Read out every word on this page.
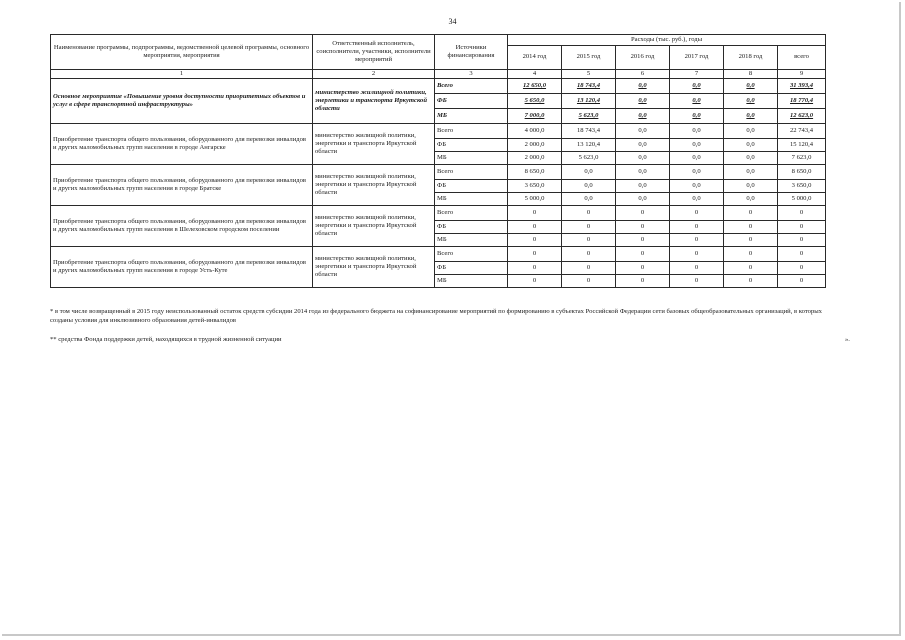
34
Наименование программы, подпрограммы, ведомственной целевой программы, основного мероприятия, мероприятия	Ответственный исполнитель, соисполнители, участники, исполнители мероприятий	Источники финансирования	Расходы (тыс. руб.), годы					
			2014 год	2015 год	2016 год	2017 год	2018 год	всего
1	2	3	4	5	6	7	8	9
Основное мероприятие «Повышение уровня доступности приоритетных объектов и услуг в сфере транспортной инфраструктуры»	министерство жилищной политики, энергетики и транспорта Иркутской области	Всего	12 650,0	18 743,4	0,0	0,0	0,0	31 393,4
		ФБ	5 650,0	13 120,4	0,0	0,0	0,0	18 770,4
		МБ	7 000,0	5 623,0	0,0	0,0	0,0	12 623,0
Приобретение транспорта общего пользования, оборудованного для перевозки инвалидов и других маломобильных групп населения в городе Ангарске	министерство жилищной политики, энергетики и транспорта Иркутской области	Всего	4 000,0	18 743,4	0,0	0,0	0,0	22 743,4
		ФБ	2 000,0	13 120,4	0,0	0,0	0,0	15 120,4
		МБ	2 000,0	5 623,0	0,0	0,0	0,0	7 623,0
Приобретение транспорта общего пользования, оборудованного для перевозки инвалидов и других маломобильных групп населения в городе Братске	министерство жилищной политики, энергетики и транспорта Иркутской области	Всего	8 650,0	0,0	0,0	0,0	0,0	8 650,0
		ФБ	3 650,0	0,0	0,0	0,0	0,0	3 650,0
		МБ	5 000,0	0,0	0,0	0,0	0,0	5 000,0
Приобретение транспорта общего пользования, оборудованного для перевозки инвалидов и других маломобильных групп населения в Шелеховском городском поселении	министерство жилищной политики, энергетики и транспорта Иркутской области	Всего	0	0	0	0	0	0
		ФБ	0	0	0	0	0	0
		МБ	0	0	0	0	0	0
Приобретение транспорта общего пользования, оборудованного для перевозки инвалидов и других маломобильных групп населения в городе Усть-Куте	министерство жилищной политики, энергетики и транспорта Иркутской области	Всего	0	0	0	0	0	0
		ФБ	0	0	0	0	0	0
		МБ	0	0	0	0	0	0
* в том числе возвращенный в 2015 году неиспользованный остаток средств субсидии 2014 года из федерального бюджета на софинансирование мероприятий по формированию в субъектах Российской Федерации сети базовых общеобразовательных организаций, в которых созданы условия для инклюзивного образования детей-инвалидов
** средства Фонда поддержки детей, находящихся в трудной жизненной ситуации	».
